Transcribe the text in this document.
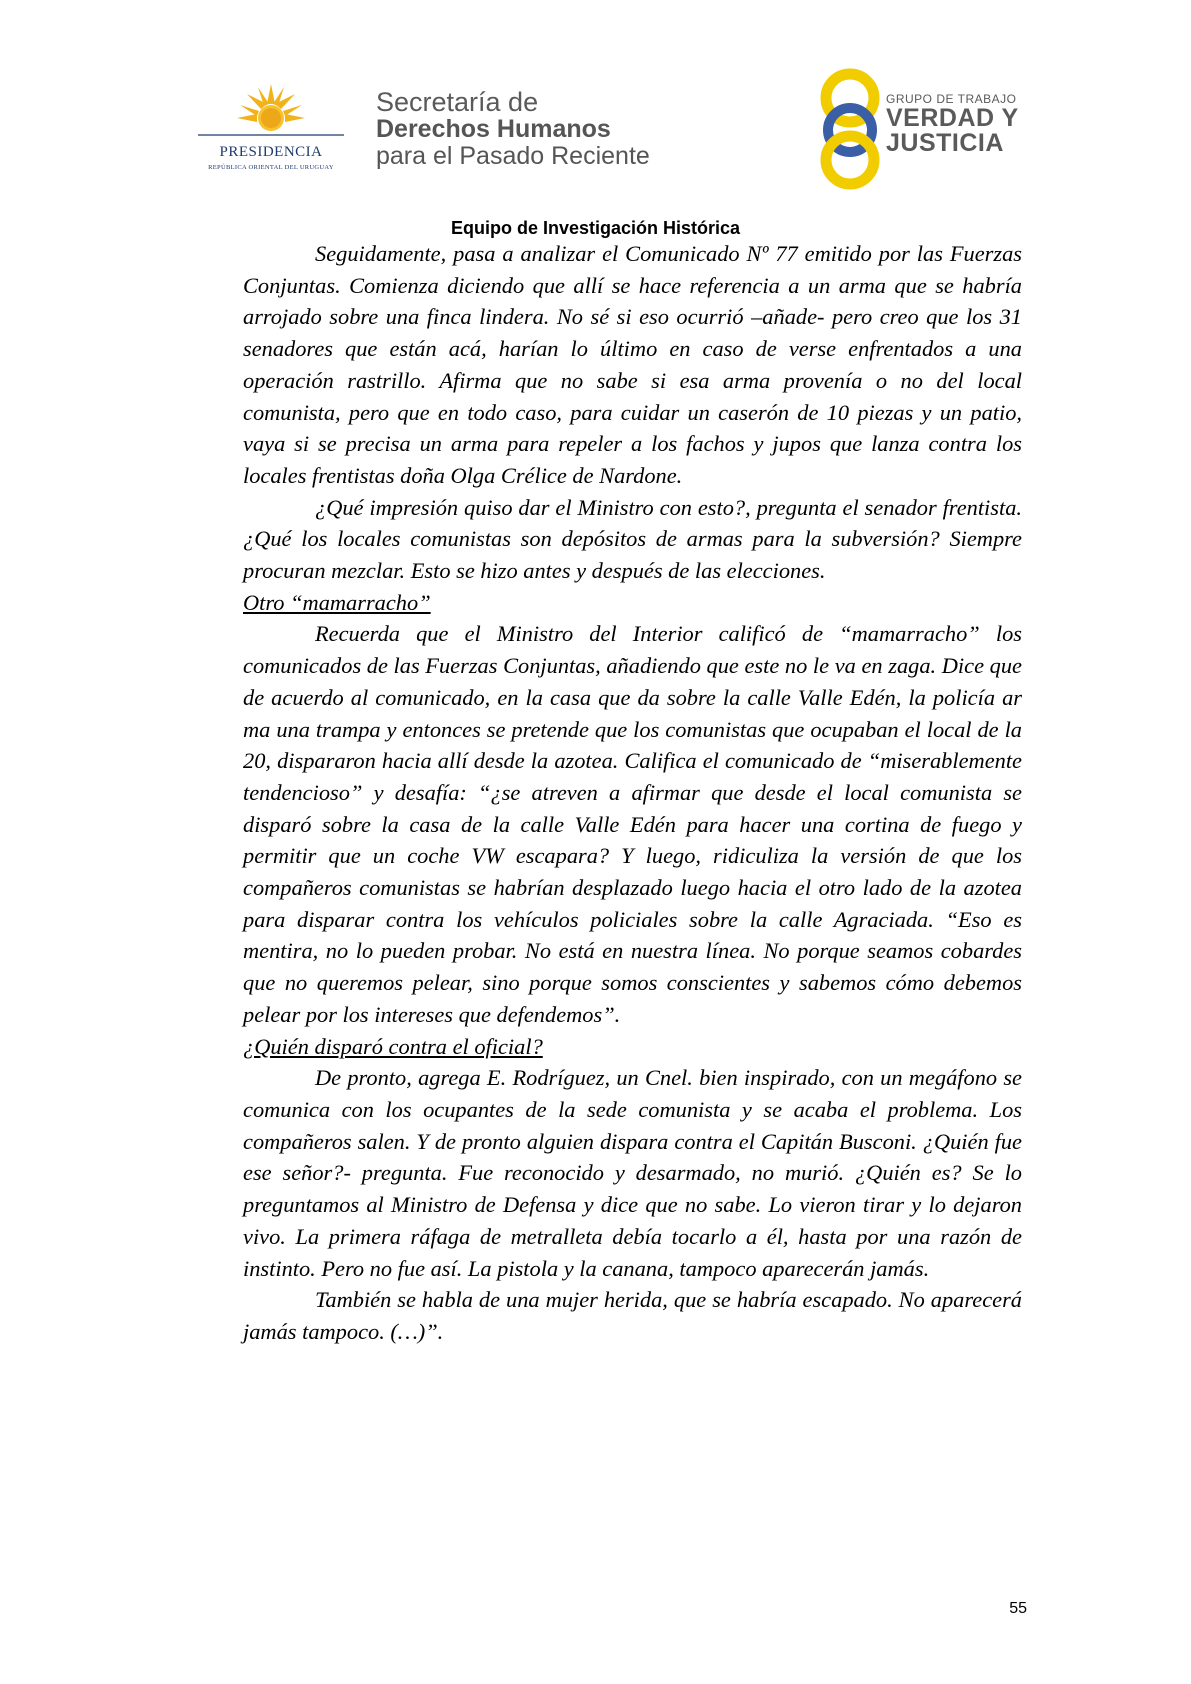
PRESIDENCIA
REPÚBLICA ORIENTAL DEL URUGUAY
Secretaría de
Derechos Humanos
para el Pasado Reciente
GRUPO DE TRABAJO
VERDAD Y
JUSTICIA
Equipo de Investigación Histórica

Seguidamente, pasa a analizar el Comunicado Nº 77 emitido por las Fuerzas Conjuntas. Comienza diciendo que allí se hace referencia a un arma que se habría arrojado sobre una finca lindera. No sé si eso ocurrió –añade- pero creo que los 31 senadores que están acá, harían lo último en caso de verse enfrentados a una operación rastrillo. Afirma que no sabe si esa arma provenía o no del local comunista, pero que en todo caso, para cuidar un caserón de 10 piezas y un patio, vaya si se precisa un arma para repeler a los fachos y jupos que lanza contra los locales frentistas doña Olga Crélice de Nardone.

¿Qué impresión quiso dar el Ministro con esto?, pregunta el senador frentista. ¿Qué los locales comunistas son depósitos de armas para la subversión? Siempre procuran mezclar. Esto se hizo antes y después de las elecciones.

Otro “mamarracho”

Recuerda que el Ministro del Interior calificó de “mamarracho” los comunicados de las Fuerzas Conjuntas, añadiendo que este no le va en zaga. Dice que de acuerdo al comunicado, en la casa que da sobre la calle Valle Edén, la policía ar ma una trampa y entonces se pretende que los comunistas que ocupaban el local de la 20, dispararon hacia allí desde la azotea. Califica el comunicado de “miserablemente tendencioso” y desafía: “¿se atreven a afirmar que desde el local comunista se disparó sobre la casa de la calle Valle Edén para hacer una cortina de fuego y permitir que un coche VW escapara? Y luego, ridiculiza la versión de que los compañeros comunistas se habrían desplazado luego hacia el otro lado de la azotea para disparar contra los vehículos policiales sobre la calle Agraciada. “Eso es mentira, no lo pueden probar. No está en nuestra línea. No porque seamos cobardes que no queremos pelear, sino porque somos conscientes y sabemos cómo debemos pelear por los intereses que defendemos”.

¿Quién disparó contra el oficial?

De pronto, agrega E. Rodríguez, un Cnel. bien inspirado, con un megáfono se comunica con los ocupantes de la sede comunista y se acaba el problema. Los compañeros salen. Y de pronto alguien dispara contra el Capitán Busconi. ¿Quién fue ese señor?- pregunta. Fue reconocido y desarmado, no murió. ¿Quién es? Se lo preguntamos al Ministro de Defensa y dice que no sabe. Lo vieron tirar y lo dejaron vivo. La primera ráfaga de metralleta debía tocarlo a él, hasta por una razón de instinto. Pero no fue así. La pistola y la canana, tampoco aparecerán jamás.

También se habla de una mujer herida, que se habría escapado. No aparecerá jamás tampoco. (…)”.

55
